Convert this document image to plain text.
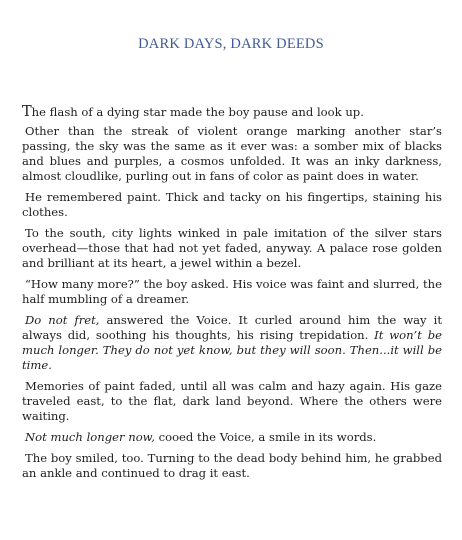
DARK DAYS, DARK DEEDS

The flash of a dying star made the boy pause and look up.

Other than the streak of violent orange marking another star’s passing, the sky was the same as it ever was: a somber mix of blacks and blues and purples, a cosmos unfolded. It was an inky darkness, almost cloudlike, purling out in fans of color as paint does in water.

He remembered paint. Thick and tacky on his fingertips, staining his clothes.

To the south, city lights winked in pale imitation of the silver stars overhead—those that had not yet faded, anyway. A palace rose golden and brilliant at its heart, a jewel within a bezel.

“How many more?” the boy asked. His voice was faint and slurred, the half mumbling of a dreamer.

Do not fret, answered the Voice. It curled around him the way it always did, soothing his thoughts, his rising trepidation. It won’t be much longer. They do not yet know, but they will soon. Then...it will be time.

Memories of paint faded, until all was calm and hazy again. His gaze traveled east, to the flat, dark land beyond. Where the others were waiting.

Not much longer now, cooed the Voice, a smile in its words.

The boy smiled, too. Turning to the dead body behind him, he grabbed an ankle and continued to drag it east.
